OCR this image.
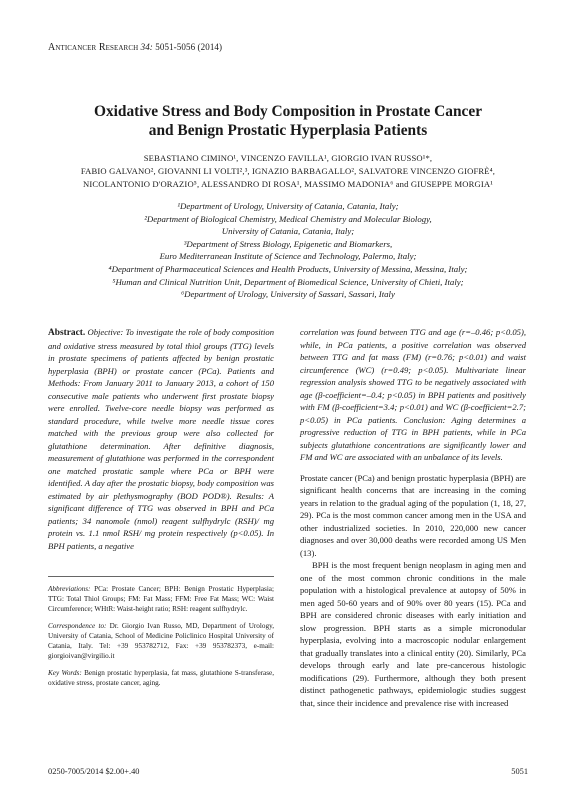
Anticancer Research 34: 5051-5056 (2014)
Oxidative Stress and Body Composition in Prostate Cancer
and Benign Prostatic Hyperplasia Patients
SEBASTIANO CIMINO¹, VINCENZO FAVILLA¹, GIORGIO IVAN RUSSO¹*,
FABIO GALVANO², GIOVANNI LI VOLTI²,³, IGNAZIO BARBAGALLO², SALVATORE VINCENZO GIOFRÈ⁴,
NICOLANTONIO D'ORAZIO⁵, ALESSANDRO DI ROSA¹, MASSIMO MADONIA⁶ and GIUSEPPE MORGIA¹
¹Department of Urology, University of Catania, Catania, Italy;
²Department of Biological Chemistry, Medical Chemistry and Molecular Biology,
University of Catania, Catania, Italy;
³Department of Stress Biology, Epigenetic and Biomarkers,
Euro Mediterranean Institute of Science and Technology, Palermo, Italy;
⁴Department of Pharmaceutical Sciences and Health Products, University of Messina, Messina, Italy;
⁵Human and Clinical Nutrition Unit, Department of Biomedical Science, University of Chieti, Italy;
⁶Department of Urology, University of Sassari, Sassari, Italy

Abstract. Objective: To investigate the role of body composition and oxidative stress measured by total thiol groups (TTG) levels in prostate specimens of patients affected by benign prostatic hyperplasia (BPH) or prostate cancer (PCa). Patients and Methods: From January 2011 to January 2013, a cohort of 150 consecutive male patients who underwent first prostate biopsy were enrolled. Twelve-core needle biopsy was performed as standard procedure, while twelve more needle tissue cores matched with the previous group were also collected for glutathione determination. After definitive diagnosis, measurement of glutathione was performed in the correspondent one matched prostatic sample where PCa or BPH were identified. A day after the prostatic biopsy, body composition was estimated by air plethysmography (BOD POD®). Results: A significant difference of TTG was observed in BPH and PCa patients; 34 nanomole (nmol) reagent sulfhydrylc (RSH)/ mg protein vs. 1.1 nmol RSH/ mg protein respectively (p<0.05). In BPH patients, a negative

Abbreviations: PCa: Prostate Cancer; BPH: Benign Prostatic Hyperplasia; TTG: Total Thiol Groups; FM: Fat Mass; FFM: Free Fat Mass; WC: Waist Circumference; WHtR: Waist-height ratio; RSH: reagent sulfhydrylc.

Correspondence to: Dr. Giorgio Ivan Russo, MD, Department of Urology, University of Catania, School of Medicine Policlinico Hospital University of Catania, Italy. Tel: +39 953782712, Fax: +39 953782373, e-mail: giorgioivan@virgilio.it

Key Words: Benign prostatic hyperplasia, fat mass, glutathione S-transferase, oxidative stress, prostate cancer, aging.

correlation was found between TTG and age (r=–0.46; p<0.05), while, in PCa patients, a positive correlation was observed between TTG and fat mass (FM) (r=0.76; p<0.01) and waist circumference (WC) (r=0.49; p<0.05). Multivariate linear regression analysis showed TTG to be negatively associated with age (β-coefficient=–0.4; p<0.05) in BPH patients and positively with FM (β-coefficient=3.4; p<0.01) and WC (β-coefficient=2.7; p<0.05) in PCa patients. Conclusion: Aging determines a progressive reduction of TTG in BPH patients, while in PCa subjects glutathione concentrations are significantly lower and FM and WC are associated with an unbalance of its levels.

Prostate cancer (PCa) and benign prostatic hyperplasia (BPH) are significant health concerns that are increasing in the coming years in relation to the gradual aging of the population (1, 18, 27, 29). PCa is the most common cancer among men in the USA and other industrialized societies. In 2010, 220,000 new cancer diagnoses and over 30,000 deaths were recorded among US Men (13).

BPH is the most frequent benign neoplasm in aging men and one of the most common chronic conditions in the male population with a histological prevalence at autopsy of 50% in men aged 50-60 years and of 90% over 80 years (15). PCa and BPH are considered chronic diseases with early initiation and slow progression. BPH starts as a simple micronodular hyperplasia, evolving into a macroscopic nodular enlargement that gradually translates into a clinical entity (20). Similarly, PCa develops through early and late pre-cancerous histologic modifications (29). Furthermore, although they both present distinct pathogenetic pathways, epidemiologic studies suggest that, since their incidence and prevalence rise with increased

0250-7005/2014 $2.00+.40	5051
